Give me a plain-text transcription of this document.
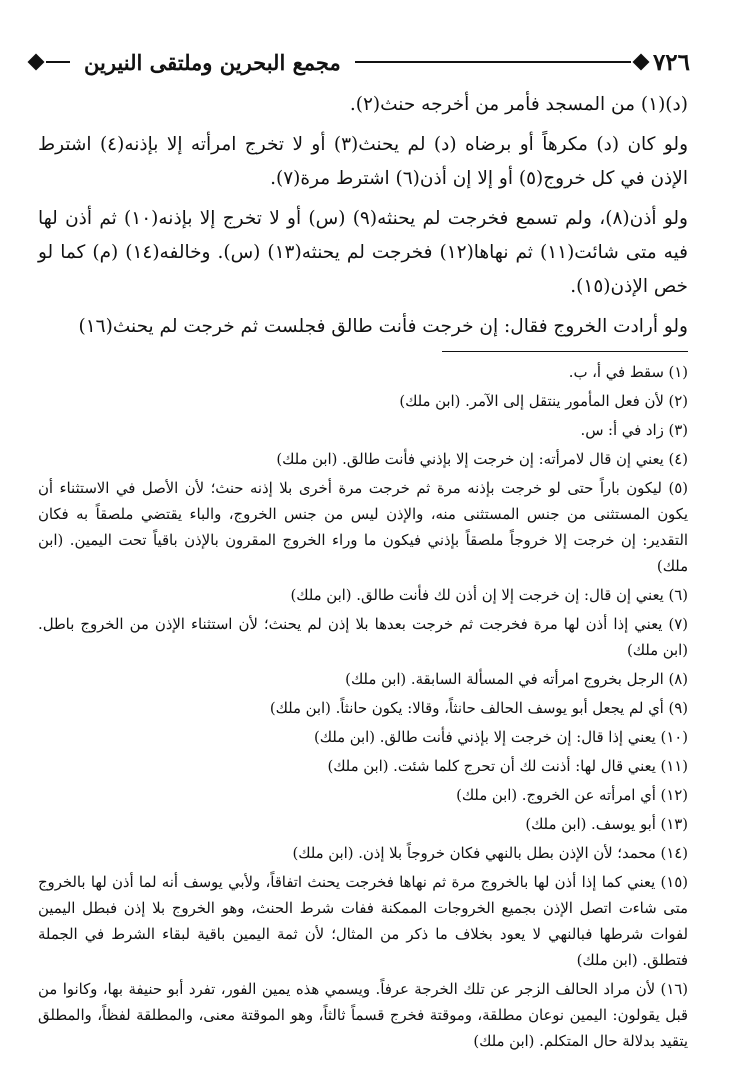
٧٢٦
مجمع البحرين وملتقى النيرين

(د)(١) من المسجد فأمر من أخرجه حنث(٢).

ولو كان (د) مكرهاً أو برضاه (د) لم يحنث(٣) أو لا تخرج امرأته إلا بإذنه(٤) اشترط الإذن في كل خروج(٥) أو إلا إن أذن(٦) اشترط مرة(٧).

ولو أذن(٨)، ولم تسمع فخرجت لم يحنثه(٩) (س) أو لا تخرج إلا بإذنه(١٠) ثم أذن لها فيه متى شائت(١١) ثم نهاها(١٢) فخرجت لم يحنثه(١٣) (س). وخالفه(١٤) (م) كما لو خص الإذن(١٥).

ولو أرادت الخروج فقال: إن خرجت فأنت طالق فجلست ثم خرجت لم يحنث(١٦)

(١) سقط في أ، ب.

(٢) لأن فعل المأمور ينتقل إلى الآمر. (ابن ملك)

(٣) زاد في أ: س.

(٤) يعني إن قال لامرأته: إن خرجت إلا بإذني فأنت طالق. (ابن ملك)

(٥) ليكون باراً حتى لو خرجت بإذنه مرة ثم خرجت مرة أخرى بلا إذنه حنث؛ لأن الأصل في الاستثناء أن يكون المستثنى من جنس المستثنى منه، والإذن ليس من جنس الخروج، والباء يقتضي ملصقاً به فكان التقدير: إن خرجت إلا خروجاً ملصقاً بإذني فيكون ما وراء الخروج المقرون بالإذن باقياً تحت اليمين. (ابن ملك)

(٦) يعني إن قال: إن خرجت إلا إن أذن لك فأنت طالق. (ابن ملك)

(٧) يعني إذا أذن لها مرة فخرجت ثم خرجت بعدها بلا إذن لم يحنث؛ لأن استثناء الإذن من الخروج باطل. (ابن ملك)

(٨) الرجل بخروج امرأته في المسألة السابقة. (ابن ملك)

(٩) أي لم يجعل أبو يوسف الحالف حانثاً، وقالا: يكون حانثاً. (ابن ملك)

(١٠) يعني إذا قال: إن خرجت إلا بإذني فأنت طالق. (ابن ملك)

(١١) يعني قال لها: أذنت لك أن تحرج كلما شئت. (ابن ملك)

(١٢) أي امرأته عن الخروج. (ابن ملك)

(١٣) أبو يوسف. (ابن ملك)

(١٤) محمد؛ لأن الإذن بطل بالنهي فكان خروجاً بلا إذن. (ابن ملك)

(١٥) يعني كما إذا أذن لها بالخروج مرة ثم نهاها فخرجت يحنث اتفاقاً، ولأبي يوسف أنه لما أذن لها بالخروج متى شاءت اتصل الإذن بجميع الخروجات الممكنة ففات شرط الحنث، وهو الخروج بلا إذن فبطل اليمين لفوات شرطها فبالنهي لا يعود بخلاف ما ذكر من المثال؛ لأن ثمة اليمين باقية لبقاء الشرط في الجملة فتطلق. (ابن ملك)

(١٦) لأن مراد الحالف الزجر عن تلك الخرجة عرفاً. ويسمي هذه يمين الفور، تفرد أبو حنيفة بها، وكانوا من قبل يقولون: اليمين نوعان مطلقة، وموقتة فخرج قسماً ثالثاً، وهو الموقتة معنى، والمطلقة لفظاً، والمطلق يتقيد بدلالة حال المتكلم. (ابن ملك)
